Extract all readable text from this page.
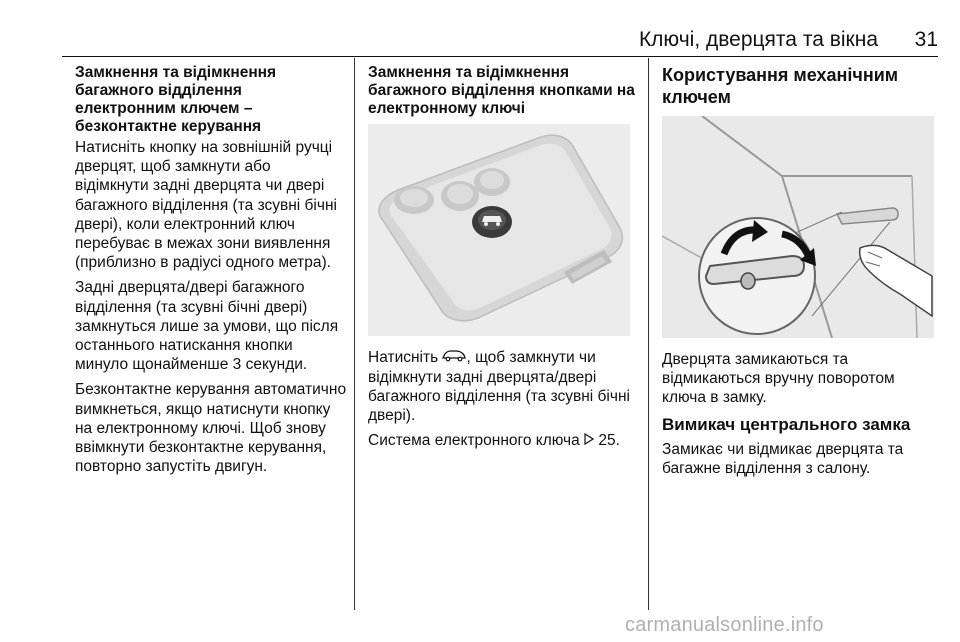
Ключі, дверцята та вікна	31
Замкнення та відімкнення багажного відділення електронним ключем – безконтактне керування

Натисніть кнопку на зовнішній ручці дверцят, щоб замкнути або відімкнути задні дверцята чи двері багажного відділення (та зсувні бічні двері), коли електронний ключ перебуває в межах зони виявлення (приблизно в радіусі одного метра).

Задні дверцята/двері багажного відділення (та зсувні бічні двері) замкнуться лише за умови, що після останнього натискання кнопки минуло щонайменше 3 секунди.

Безконтактне керування автоматично вимкнеться, якщо натиснути кнопку на електронному ключі. Щоб знову ввімкнути безконтактне керування, повторно запустіть двигун.

Замкнення та відімкнення багажного відділення кнопками на електронному ключі

Натисніть , щоб замкнути чи відімкнути задні дверцята/двері багажного відділення (та зсувні бічні двері).

Система електронного ключа  25.

Користування механічним ключем

Дверцята замикаються та відмикаються вручну поворотом ключа в замку.

Вимикач центрального замка

Замикає чи відмикає дверцята та багажне відділення з салону.

carmanualsonline.info
